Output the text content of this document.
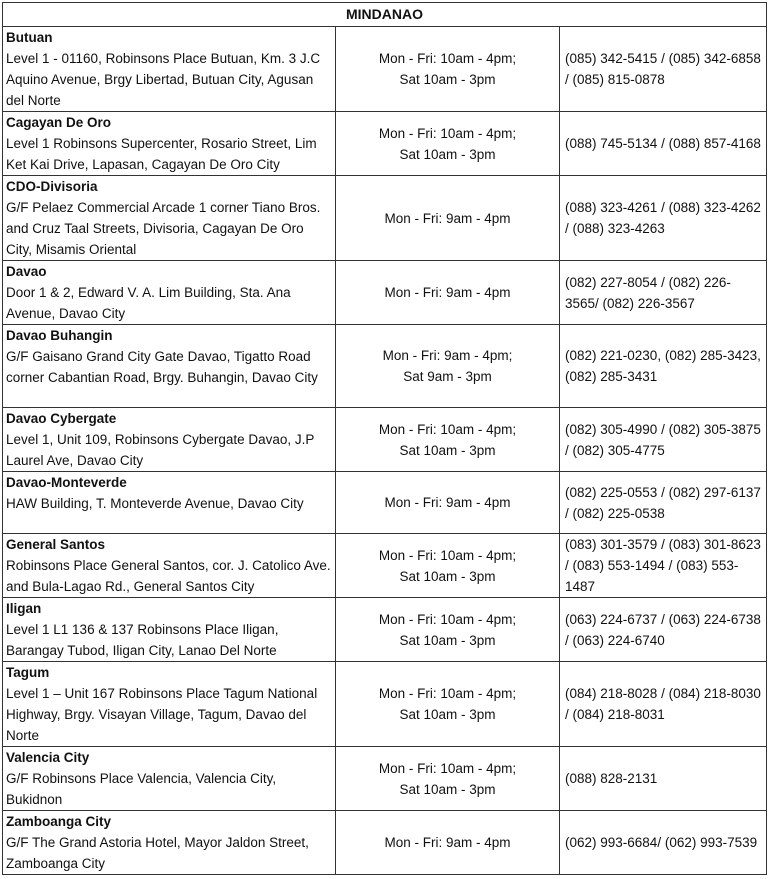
MINDANAO		

Butuan
Level 1 - 01160, Robinsons Place Butuan, Km. 3 J.C Aquino Avenue, Brgy Libertad, Butuan City, Agusan del Norte	Mon - Fri: 10am - 4pm;
Sat 10am - 3pm	(085) 342-5415 / (085) 342-6858 / (085) 815-0878

Cagayan De Oro
Level 1 Robinsons Supercenter, Rosario Street, Lim Ket Kai Drive, Lapasan, Cagayan De Oro City	Mon - Fri: 10am - 4pm;
Sat 10am - 3pm	(088) 745-5134 / (088) 857-4168

CDO-Divisoria
G/F Pelaez Commercial Arcade 1 corner Tiano Bros. and Cruz Taal Streets, Divisoria, Cagayan De Oro City, Misamis Oriental	Mon - Fri: 9am - 4pm	(088) 323-4261 / (088) 323-4262 / (088) 323-4263

Davao
Door 1 & 2, Edward V. A. Lim Building, Sta. Ana Avenue, Davao City	Mon - Fri: 9am - 4pm	(082) 227-8054 / (082) 226-3565/ (082) 226-3567

Davao Buhangin
G/F Gaisano Grand City Gate Davao, Tigatto Road corner Cabantian Road, Brgy. Buhangin, Davao City	Mon - Fri: 9am - 4pm;
Sat 9am - 3pm	(082) 221-0230, (082) 285-3423, (082) 285-3431

Davao Cybergate
Level 1, Unit 109, Robinsons Cybergate Davao, J.P Laurel Ave, Davao City	Mon - Fri: 10am - 4pm;
Sat 10am - 3pm	(082) 305-4990 / (082) 305-3875 / (082) 305-4775

Davao-Monteverde
HAW Building, T. Monteverde Avenue, Davao City	Mon - Fri: 9am - 4pm	(082) 225-0553 / (082) 297-6137 / (082) 225-0538

General Santos
Robinsons Place General Santos, cor. J. Catolico Ave. and Bula-Lagao Rd., General Santos City	Mon - Fri: 10am - 4pm;
Sat 10am - 3pm	(083) 301-3579 / (083) 301-8623 / (083) 553-1494 / (083) 553-1487

Iligan
Level 1 L1 136 & 137 Robinsons Place Iligan, Barangay Tubod, Iligan City, Lanao Del Norte	Mon - Fri: 10am - 4pm;
Sat 10am - 3pm	(063) 224-6737 / (063) 224-6738 / (063) 224-6740

Tagum
Level 1 – Unit 167 Robinsons Place Tagum National Highway, Brgy. Visayan Village, Tagum, Davao del Norte	Mon - Fri: 10am - 4pm;
Sat 10am - 3pm	(084) 218-8028 / (084) 218-8030 / (084) 218-8031

Valencia City
G/F Robinsons Place Valencia, Valencia City, Bukidnon	Mon - Fri: 10am - 4pm;
Sat 10am - 3pm	(088) 828-2131

Zamboanga City
G/F The Grand Astoria Hotel, Mayor Jaldon Street, Zamboanga City	Mon - Fri: 9am - 4pm	(062) 993-6684/ (062) 993-7539
